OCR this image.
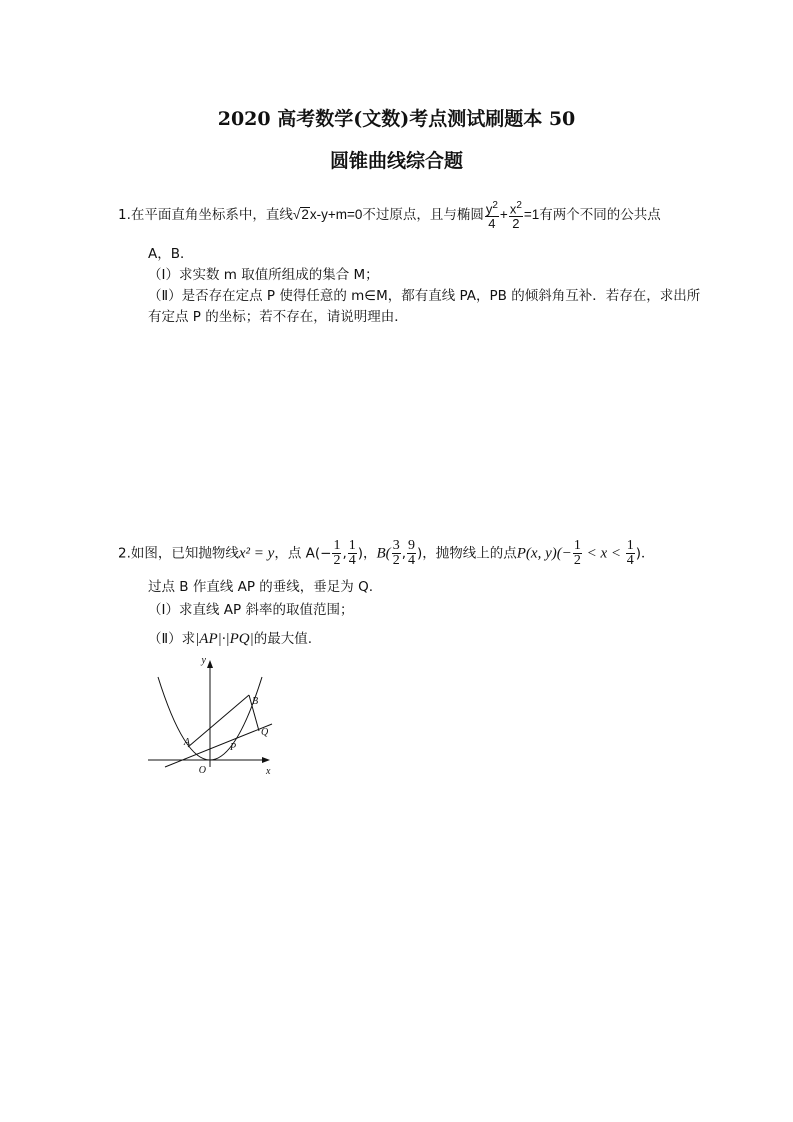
2020 高考数学(文数)考点测试刷题本 50
圆锥曲线综合题
1.在平面直角坐标系中，直线√2x-y+m=0不过原点，且与椭圆 $\frac{y^2}{4} + \frac{x^2}{2} =1$有两个不同的公共点
A，B．
（Ⅰ）求实数 m 取值所组成的集合 M；
（Ⅱ）是否存在定点 P 使得任意的 m∈M，都有直线 PA，PB 的倾斜角互补．若存在，求出所
有定点 P 的坐标；若不存在，请说明理由．
2.如图，已知抛物线x² = y，点 $A(- \frac{1}{2}$ , $\frac{1}{4}$ )，$B( \frac{3}{2}$ , $\frac{9}{4}$ )，抛物线上的点P(x, $y)(- \frac{1}{2} < x < \frac{1}{4}$ )．
过点 B 作直线 AP 的垂线，垂足为 Q.
（Ⅰ）求直线 AP 斜率的取值范围；
（Ⅱ）求|AP|·|PQ|的最大值.
y
x
O
A
B
P
Q
